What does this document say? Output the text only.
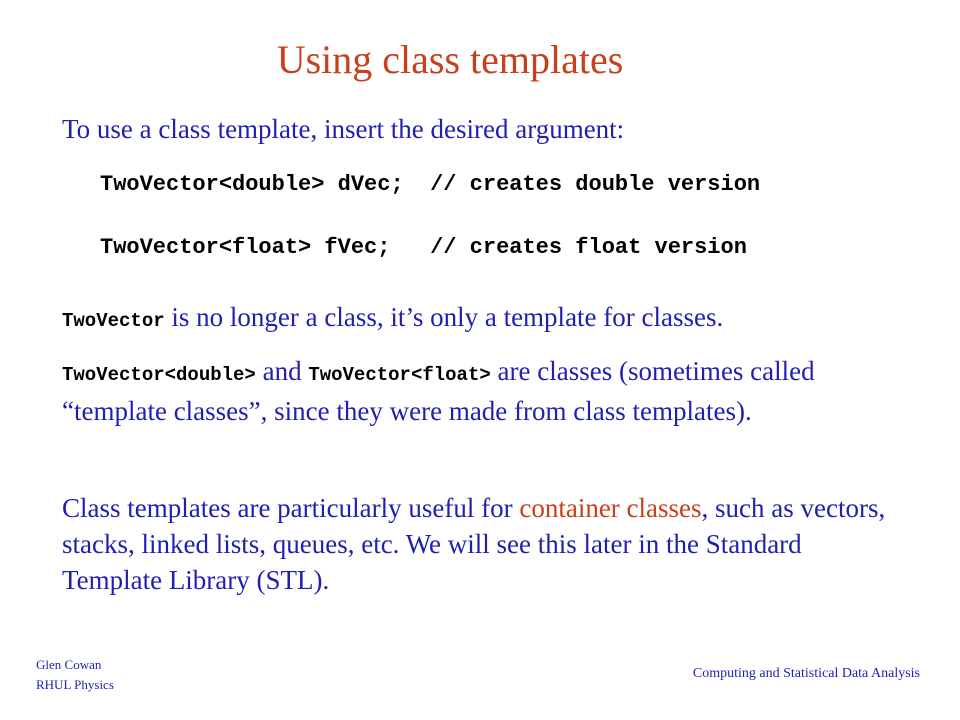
Using class templates
To use a class template, insert the desired argument:
TwoVector<double> dVec; // creates double version
TwoVector<float> fVec; // creates float version
TwoVector is no longer a class, it’s only a template for classes.
TwoVector<double> and TwoVector<float> are classes (sometimes called “template classes”, since they were made from class templates).
Class templates are particularly useful for container classes, such as vectors, stacks, linked lists, queues, etc. We will see this later in the Standard Template Library (STL).
Glen Cowan
RHUL Physics
Computing and Statistical Data Analysis
